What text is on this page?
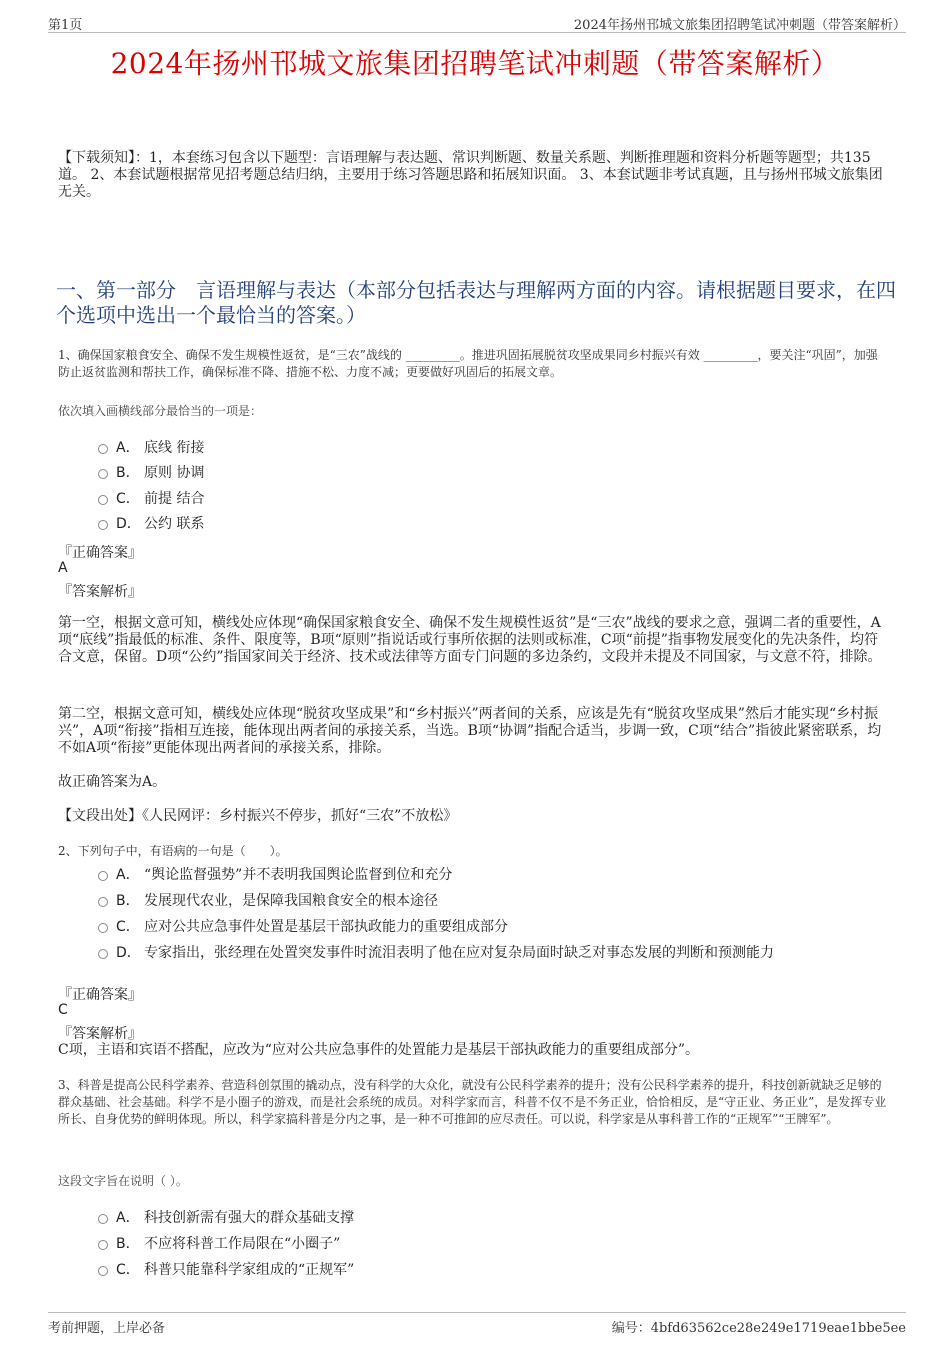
第1页	2024年扬州邗城文旅集团招聘笔试冲刺题（带答案解析）
2024年扬州邗城文旅集团招聘笔试冲刺题（带答案解析）
【下载须知】：1，本套练习包含以下题型：言语理解与表达题、常识判断题、数量关系题、判断推理题和资料分析题等题型；共135道。 2、本套试题根据常见招考题总结归纳，主要用于练习答题思路和拓展知识面。 3、本套试题非考试真题，且与扬州邗城文旅集团无关。
一、第一部分　言语理解与表达（本部分包括表达与理解两方面的内容。请根据题目要求，在四个选项中选出一个最恰当的答案。）
1、确保国家粮食安全、确保不发生规模性返贫，是“三农”战线的 _________。推进巩固拓展脱贫攻坚成果同乡村振兴有效 _________，要关注“巩固”，加强防止返贫监测和帮扶工作，确保标准不降、措施不松、力度不减；更要做好巩固后的拓展文章。
依次填入画横线部分最恰当的一项是：
A． 底线 衔接
B． 原则 协调
C． 前提 结合
D． 公约 联系
『正确答案』
A
『答案解析』
第一空，根据文意可知，横线处应体现“确保国家粮食安全、确保不发生规模性返贫”是“三农”战线的要求之意，强调二者的重要性，A项“底线”指最低的标准、条件、限度等，B项“原则”指说话或行事所依据的法则或标准，C项“前提”指事物发展变化的先决条件，均符合文意，保留。D项“公约”指国家间关于经济、技术或法律等方面专门问题的多边条约，文段并未提及不同国家，与文意不符，排除。
第二空，根据文意可知，横线处应体现“脱贫攻坚成果”和“乡村振兴”两者间的关系，应该是先有“脱贫攻坚成果”然后才能实现“乡村振兴”，A项“衔接”指相互连接，能体现出两者间的承接关系，当选。B项“协调”指配合适当，步调一致，C项“结合”指彼此紧密联系，均不如A项“衔接”更能体现出两者间的承接关系，排除。
故正确答案为A。
【文段出处】《人民网评：乡村振兴不停步，抓好“三农”不放松》
2、下列句子中，有语病的一句是（　　）。
A． “舆论监督强势”并不表明我国舆论监督到位和充分
B． 发展现代农业，是保障我国粮食安全的根本途径
C． 应对公共应急事件处置是基层干部执政能力的重要组成部分
D． 专家指出，张经理在处置突发事件时流泪表明了他在应对复杂局面时缺乏对事态发展的判断和预测能力
『正确答案』
C
『答案解析』
C项，主语和宾语不搭配，应改为“应对公共应急事件的处置能力是基层干部执政能力的重要组成部分”。
3、科普是提高公民科学素养、营造科创氛围的撬动点，没有科学的大众化，就没有公民科学素养的提升；没有公民科学素养的提升，科技创新就缺乏足够的群众基础、社会基础。科学不是小圈子的游戏，而是社会系统的成员。对科学家而言，科普不仅不是不务正业，恰恰相反，是“守正业、务正业”，是发挥专业所长、自身优势的鲜明体现。所以，科学家搞科普是分内之事，是一种不可推卸的应尽责任。可以说，科学家是从事科普工作的“正规军”“王牌军”。
这段文字旨在说明（ ）。
A． 科技创新需有强大的群众基础支撑
B． 不应将科普工作局限在“小圈子”
C． 科普只能靠科学家组成的“正规军”
考前押题，上岸必备	编号：4bfd63562ce28e249e1719eae1bbe5ee
